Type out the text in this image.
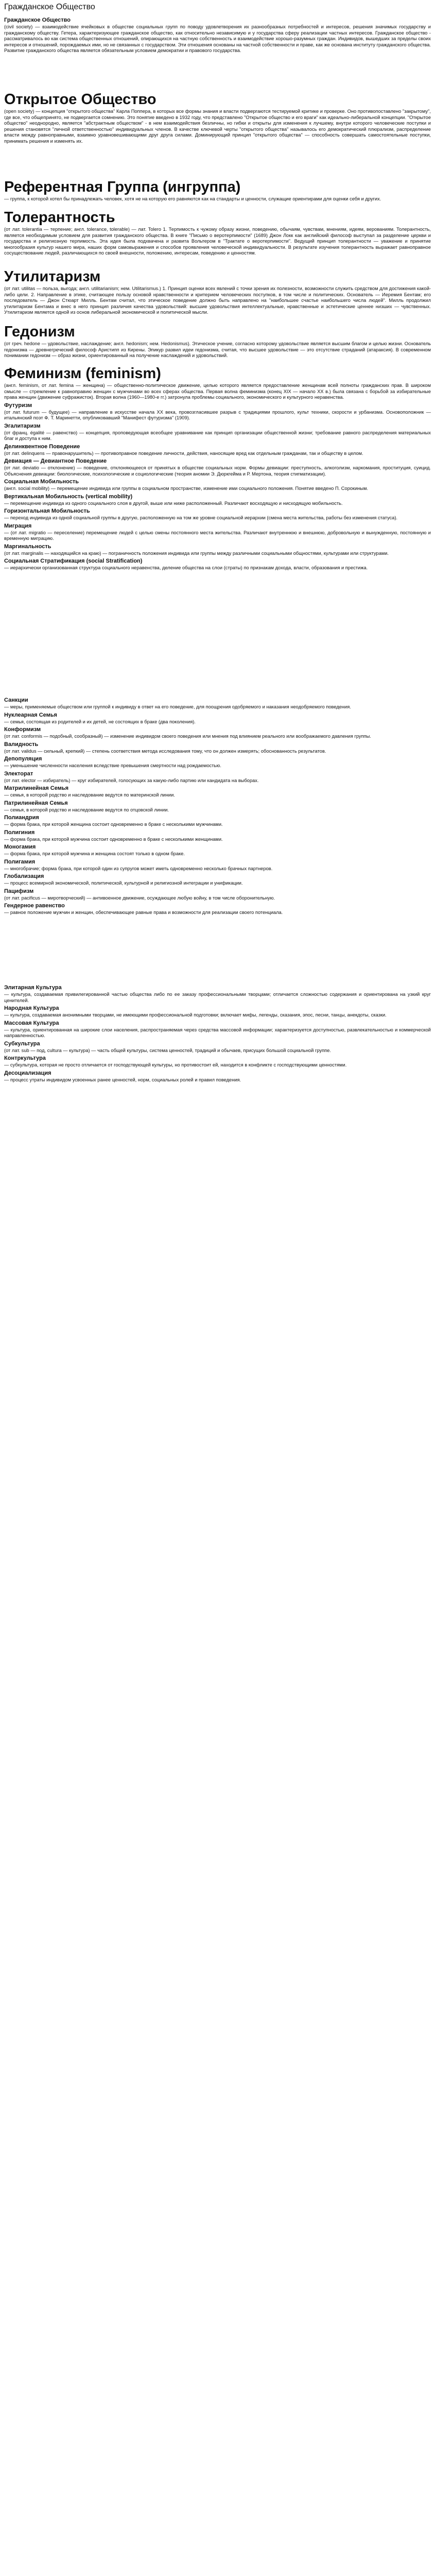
Гражданское Общество
Гражданское Общество
(civil society) — взаимодействие ячейковых в обществе социальных групп по поводу удовлетворения их разнообразных потребностей и интересов, решения значимых государству и гражданскому обществу. Гетера, характеризующее гражданское общество, как относительно независимую и у государства сферу реализации частных интересов. Гражданское общество - рассматривалось во как система общественных отношений, опирающихся на частную собственность и взаимодействие хорошо-разумных граждан. Индивидов, вышедших за пределы своих интересов и отношений, порождаемых ими, но не связанных с государством. Эти отношения основаны на частной собственности и праве, как же основана институту гражданского общества. Развитие гражданского общества является обязательным условием демократии и правового государства.
Открытое Общество
(open society) — концепция "открытого общества" Карла Поппера, в которых все формы знания и власти подвергаются тестируемой критике и проверке. Оно противопоставлено "закрытому", где все, что общепринято, не подвергается сомнению. Это понятие введено в 1932 году, что представлено "Открытое общество и его враги" как идеально-либеральной концепции. "Открытое общество" неоднородно, является "абстрактным обществом" - в нем взаимодействия безличны, но гибки и открыты для изменения к лучшему, внутри которого человеческие поступки и решения становятся "личной ответственностью" индивидуальных членов. В качестве ключевой черты "открытого общества" называлось его демократический плюрализм, распределение власти между равноправными, взаимно уравновешивающими друг друга силами. Доминирующий принцип "открытого общества" — способность совершать самостоятельные поступки, принимать решения и изменять их.
Референтная Группа (ингруппа)
— группа, к которой хотел бы принадлежать человек, хотя не на которую его равняются как на стандарты и ценности, служащие ориентирами для оценки себя и других.
Толерантность
(от лат. tolerantia — терпение; англ. tolerance, tolerable) — лат. Tolero 1. Терпимость к чужому образу жизни, поведению, обычаям, чувствам, мнениям, идеям, верованиям. Толерантность, является необходимым условием для развития гражданского общества. В книге "Письмо о веротерпимости" (1689) Джон Локк как английский философ выступал за разделение церкви и государства и религиозную терпимость. Эта идея была подхвачена и развита Вольтером в "Трактате о веротерпимости". Ведущий принцип толерантности — уважение и принятие многообразия культур нашего мира, наших форм самовыражения и способов проявления человеческой индивидуальности. В результате изучения толерантность выражает равноправное сосуществование людей, различающихся по своей внешности, положению, интересам, поведению и ценностям.
Утилитаризм
(от лат. utilitas — польза, выгода; англ. utilitarianism; нем. Utilitarismus.) 1. Принцип оценки всех явлений с точки зрения их полезности, возможности служить средством для достижения какой-либо цели. 2. Направление в этике, считающее пользу основой нравственности и критерием человеческих поступков, в том числе и политических. Основатель — Иеремия Бентам; его последователь — Джон Стюарт Милль. Бентам считал, что этическое поведение должно быть направлено на "наибольшее счастье наибольшего числа людей". Милль продолжил утилитаризм Бентама и внес в него принцип различия качества удовольствий: высшие удовольствия интеллектуальные, нравственные и эстетические ценнее низших — чувственных. Утилитаризм является одной из основ либеральной экономической и политической мысли.
Гедонизм
(от греч. hedone — удовольствие, наслаждение; англ. hedonism; нем. Hedonismus). Этическое учение, согласно которому удовольствие является высшим благом и целью жизни. Основатель гедонизма — древнегреческий философ Аристипп из Кирены. Эпикур развил идеи гедонизма, считая, что высшее удовольствие — это отсутствие страданий (атараксия). В современном понимании гедонизм — образ жизни, ориентированный на получение наслаждений и удовольствий.
Феминизм (feminism)
(англ. feminism, от лат. femina — женщина) — общественно-политическое движение, целью которого является предоставление женщинам всей полноты гражданских прав. В широком смысле — стремление к равноправию женщин с мужчинами во всех сферах общества. Первая волна феминизма (конец XIX — начало XX в.) была связана с борьбой за избирательные права женщин (движение суфражисток). Вторая волна (1960—1980-е гг.) затронула проблемы социального, экономического и культурного неравенства.
Футуризм
(от лат. futurum — будущее) — направление в искусстве начала XX века, провозгласившее разрыв с традициями прошлого, культ техники, скорости и урбанизма. Основоположник — итальянский поэт Ф. Т. Маринетти, опубликовавший "Манифест футуризма" (1909).
Эгалитаризм
(от франц. égalité — равенство) — концепция, проповедующая всеобщее уравнивание как принцип организации общественной жизни; требование равного распределения материальных благ и доступа к ним.
Делинквентное Поведение
(от лат. delinquens — правонарушитель) — противоправное поведение личности, действия, наносящие вред как отдельным гражданам, так и обществу в целом.
Девиация — Девиантное Поведение
(от лат. deviatio — отклонение) — поведение, отклоняющееся от принятых в обществе социальных норм. Формы девиации: преступность, алкоголизм, наркомания, проституция, суицид. Объяснения девиации: биологические, психологические и социологические (теория аномии Э. Дюркгейма и Р. Мертона, теория стигматизации).
Социальная Мобильность
(англ. social mobility) — перемещение индивида или группы в социальном пространстве, изменение ими социального положения. Понятие введено П. Сорокиным.
Вертикальная Мобильность (vertical mobility)
— перемещение индивида из одного социального слоя в другой, выше или ниже расположенный. Различают восходящую и нисходящую мобильность.
Горизонтальная Мобильность
— переход индивида из одной социальной группы в другую, расположенную на том же уровне социальной иерархии (смена места жительства, работы без изменения статуса).
Миграция
— (от лат. migratio — переселение) перемещение людей с целью смены постоянного места жительства. Различают внутреннюю и внешнюю, добровольную и вынужденную, постоянную и временную миграцию.
Маргинальность
(от лат. marginalis — находящийся на краю) — пограничность положения индивида или группы между различными социальными общностями, культурами или структурами.
Социальная Стратификация (social Stratification)
— иерархически организованная структура социального неравенства, деление общества на слои (страты) по признакам дохода, власти, образования и престижа.
Санкции
— меры, применяемые обществом или группой к индивиду в ответ на его поведение, для поощрения одобряемого и наказания неодобряемого поведения.
Нуклеарная Семья
— семья, состоящая из родителей и их детей, не состоящих в браке (два поколения).
Конформизм
(от лат. conformis — подобный, сообразный) — изменение индивидом своего поведения или мнения под влиянием реального или воображаемого давления группы.
Валидность
(от лат. validus — сильный, крепкий) — степень соответствия метода исследования тому, что он должен измерять; обоснованность результатов.
Депопуляция
— уменьшение численности населения вследствие превышения смертности над рождаемостью.
Электорат
(от лат. elector — избиратель) — круг избирателей, голосующих за какую-либо партию или кандидата на выборах.
Матрилинейная Семья
— семья, в которой родство и наследование ведутся по материнской линии.
Патрилинейная Семья
— семья, в которой родство и наследование ведутся по отцовской линии.
Полиандрия
— форма брака, при которой женщина состоит одновременно в браке с несколькими мужчинами.
Полигиния
— форма брака, при которой мужчина состоит одновременно в браке с несколькими женщинами.
Моногамия
— форма брака, при которой мужчина и женщина состоят только в одном браке.
Полигамия
— многобрачие; форма брака, при которой один из супругов может иметь одновременно несколько брачных партнеров.
Глобализация
— процесс всемирной экономической, политической, культурной и религиозной интеграции и унификации.
Пацифизм
(от лат. pacificus — миротворческий) — антивоенное движение, осуждающее любую войну, в том числе оборонительную.
Гендерное равенство
— равное положение мужчин и женщин, обеспечивающее равные права и возможности для реализации своего потенциала.
Элитарная Культура
— культура, создаваемая привилегированной частью общества либо по ее заказу профессиональными творцами; отличается сложностью содержания и ориентирована на узкий круг ценителей.
Народная Культура
— культура, создаваемая анонимными творцами, не имеющими профессиональной подготовки; включает мифы, легенды, сказания, эпос, песни, танцы, анекдоты, сказки.
Массовая Культура
— культура, ориентированная на широкие слои населения, распространяемая через средства массовой информации; характеризуется доступностью, развлекательностью и коммерческой направленностью.
Субкультура
(от лат. sub — под, cultura — культура) — часть общей культуры, система ценностей, традиций и обычаев, присущих большой социальной группе.
Контркультура
— субкультура, которая не просто отличается от господствующей культуры, но противостоит ей, находится в конфликте с господствующими ценностями.
Десоциализация
— процесс утраты индивидом усвоенных ранее ценностей, норм, социальных ролей и правил поведения.
